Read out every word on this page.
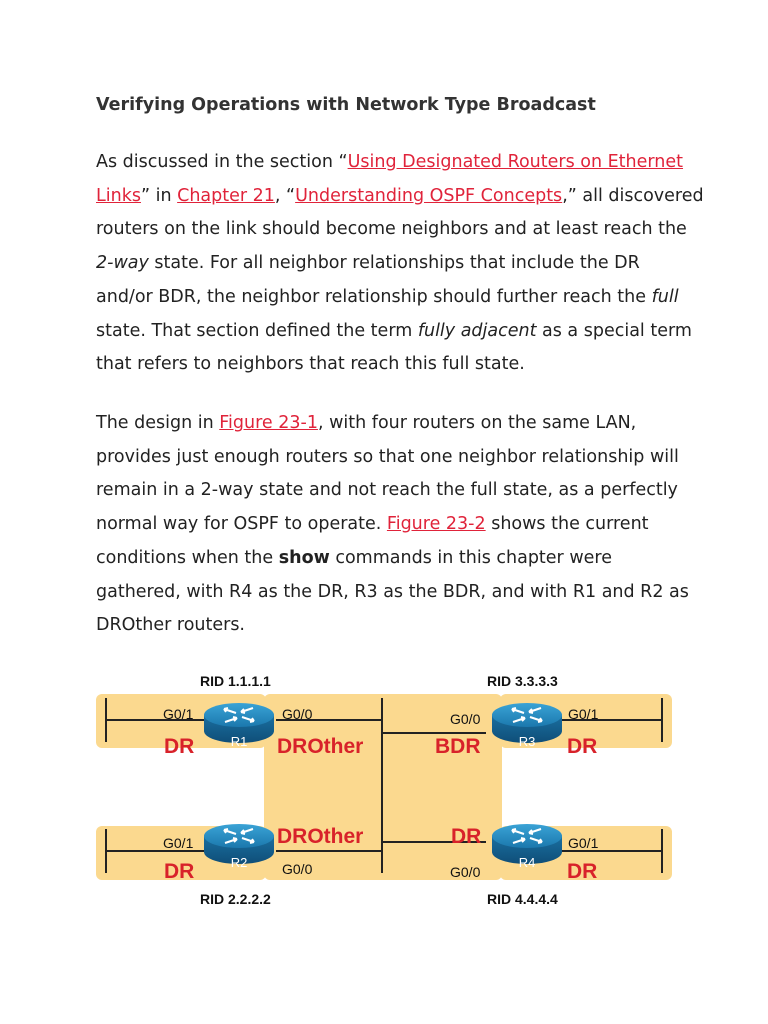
Verifying Operations with Network Type Broadcast
As discussed in the section “Using Designated Routers on Ethernet
Links” in Chapter 21, “Understanding OSPF Concepts,” all discovered
routers on the link should become neighbors and at least reach the
2-way state. For all neighbor relationships that include the DR
and/or BDR, the neighbor relationship should further reach the full
state. That section defined the term fully adjacent as a special term
that refers to neighbors that reach this full state.
The design in Figure 23-1, with four routers on the same LAN,
provides just enough routers so that one neighbor relationship will
remain in a 2-way state and not reach the full state, as a perfectly
normal way for OSPF to operate. Figure 23-2 shows the current
conditions when the show commands in this chapter were
gathered, with R4 as the DR, R3 as the BDR, and with R1 and R2 as
DROther routers.
R1
R2
R3
R4
RID 1.1.1.1
RID 2.2.2.2
RID 3.3.3.3
RID 4.4.4.4
G0/1	G0/0
G0/1
G0/0
G0/0	G0/1
G0/0
G0/1
DR	DROther
DROther
DR
BDR	DR
DR
DR
